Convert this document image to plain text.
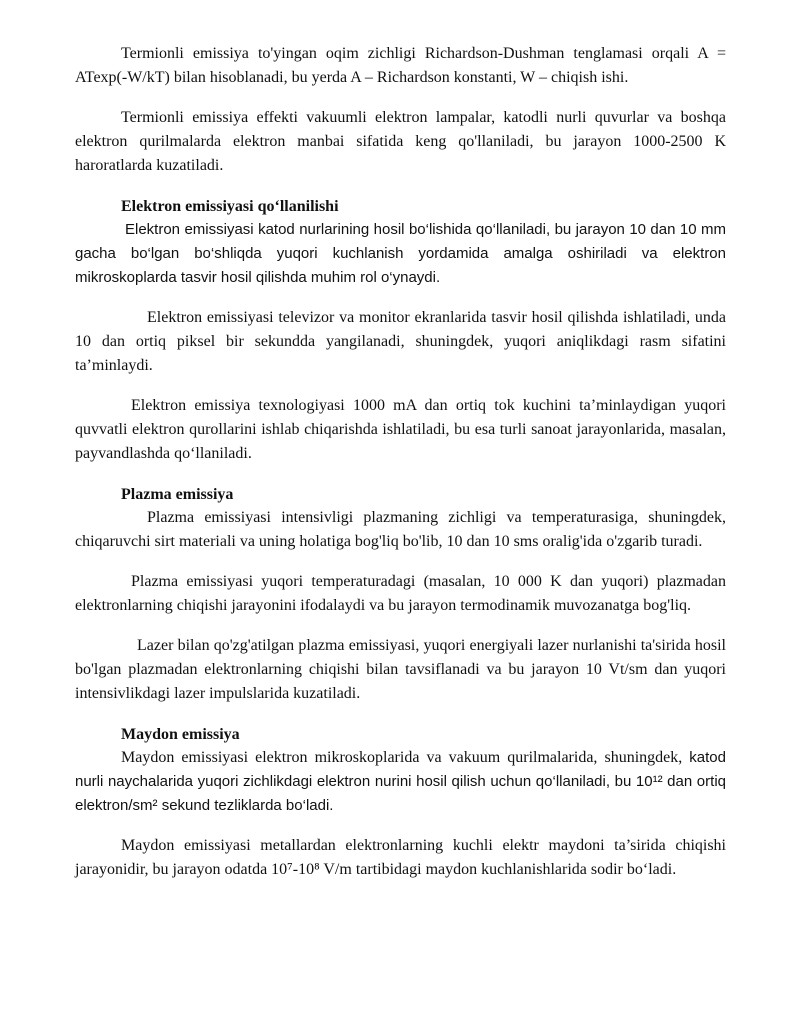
Termionli emissiya to'yingan oqim zichligi Richardson-Dushman tenglamasi orqali A = ATexp(-W/kT) bilan hisoblanadi, bu yerda A – Richardson konstanti, W – chiqish ishi.

Termionli emissiya effekti vakuumli elektron lampalar, katodli nurli quvurlar va boshqa elektron qurilmalarda elektron manbai sifatida keng qo'llaniladi, bu jarayon 1000-2500 K haroratlarda kuzatiladi.

Elektron emissiyasi qo‘llanilishi

Elektron emissiyasi katod nurlarining hosil bo‘lishida qo‘llaniladi, bu jarayon 10 dan 10 mm gacha bo‘lgan bo‘shliqda yuqori kuchlanish yordamida amalga oshiriladi va elektron mikroskoplarda tasvir hosil qilishda muhim rol o‘ynaydi.

Elektron emissiyasi televizor va monitor ekranlarida tasvir hosil qilishda ishlatiladi, unda 10 dan ortiq piksel bir sekundda yangilanadi, shuningdek, yuqori aniqlikdagi rasm sifatini ta’minlaydi.

Elektron emissiya texnologiyasi 1000 mA dan ortiq tok kuchini ta’minlaydigan yuqori quvvatli elektron qurollarini ishlab chiqarishda ishlatiladi, bu esa turli sanoat jarayonlarida, masalan, payvandlashda qo‘llaniladi.

Plazma emissiya

Plazma emissiyasi intensivligi plazmaning zichligi va temperaturasiga, shuningdek, chiqaruvchi sirt materiali va uning holatiga bog'liq bo'lib, 10 dan 10 sms oralig'ida o'zgarib turadi.

Plazma emissiyasi yuqori temperaturadagi (masalan, 10 000 K dan yuqori) plazmadan elektronlarning chiqishi jarayonini ifodalaydi va bu jarayon termodinamik muvozanatga bog'liq.

Lazer bilan qo'zg'atilgan plazma emissiyasi, yuqori energiyali lazer nurlanishi ta'sirida hosil bo'lgan plazmadan elektronlarning chiqishi bilan tavsiflanadi va bu jarayon 10 Vt/sm dan yuqori intensivlikdagi lazer impulslarida kuzatiladi.

Maydon emissiya

Maydon emissiyasi elektron mikroskoplarida va vakuum qurilmalarida, shuningdek, katod nurli naychalarida yuqori zichlikdagi elektron nurini hosil qilish uchun qo‘llaniladi, bu 10¹² dan ortiq elektron/sm² sekund tezliklarda bo‘ladi.

Maydon emissiyasi metallardan elektronlarning kuchli elektr maydoni ta’sirida chiqishi jarayonidir, bu jarayon odatda 10⁷-10⁸ V/m tartibidagi maydon kuchlanishlarida sodir bo‘ladi.
